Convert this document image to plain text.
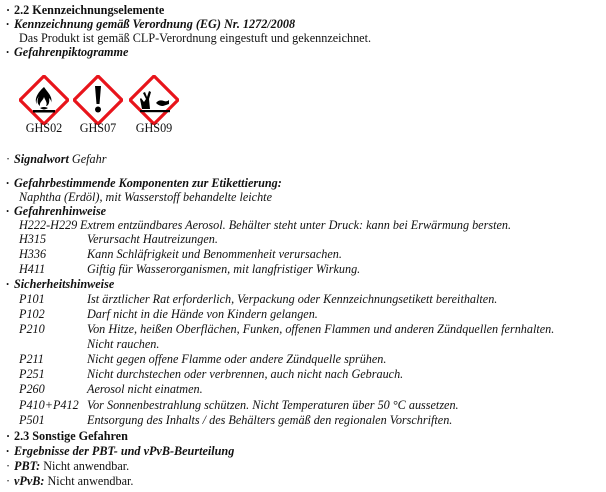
· 2.2 Kennzeichnungselemente
· Kennzeichnung gemäß Verordnung (EG) Nr. 1272/2008
Das Produkt ist gemäß CLP-Verordnung eingestuft und gekennzeichnet.
· Gefahrenpiktogramme
GHS02	GHS07	GHS09
· Signalwort Gefahr
· Gefahrbestimmende Komponenten zur Etikettierung:
Naphtha (Erdöl), mit Wasserstoff behandelte leichte
· Gefahrenhinweise
H222-H229 Extrem entzündbares Aerosol. Behälter steht unter Druck: kann bei Erwärmung bersten.
H315	Verursacht Hautreizungen.
H336	Kann Schläfrigkeit und Benommenheit verursachen.
H411	Giftig für Wasserorganismen, mit langfristiger Wirkung.
· Sicherheitshinweise
P101	Ist ärztlicher Rat erforderlich, Verpackung oder Kennzeichnungsetikett bereithalten.
P102	Darf nicht in die Hände von Kindern gelangen.
P210	Von Hitze, heißen Oberflächen, Funken, offenen Flammen und anderen Zündquellen fernhalten.
Nicht rauchen.
P211	Nicht gegen offene Flamme oder andere Zündquelle sprühen.
P251	Nicht durchstechen oder verbrennen, auch nicht nach Gebrauch.
P260	Aerosol nicht einatmen.
P410+P412 Vor Sonnenbestrahlung schützen. Nicht Temperaturen über 50 °C aussetzen.
P501	Entsorgung des Inhalts / des Behälters gemäß den regionalen Vorschriften.
· 2.3 Sonstige Gefahren
· Ergebnisse der PBT- und vPvB-Beurteilung
· PBT: Nicht anwendbar.
· vPvB: Nicht anwendbar.
